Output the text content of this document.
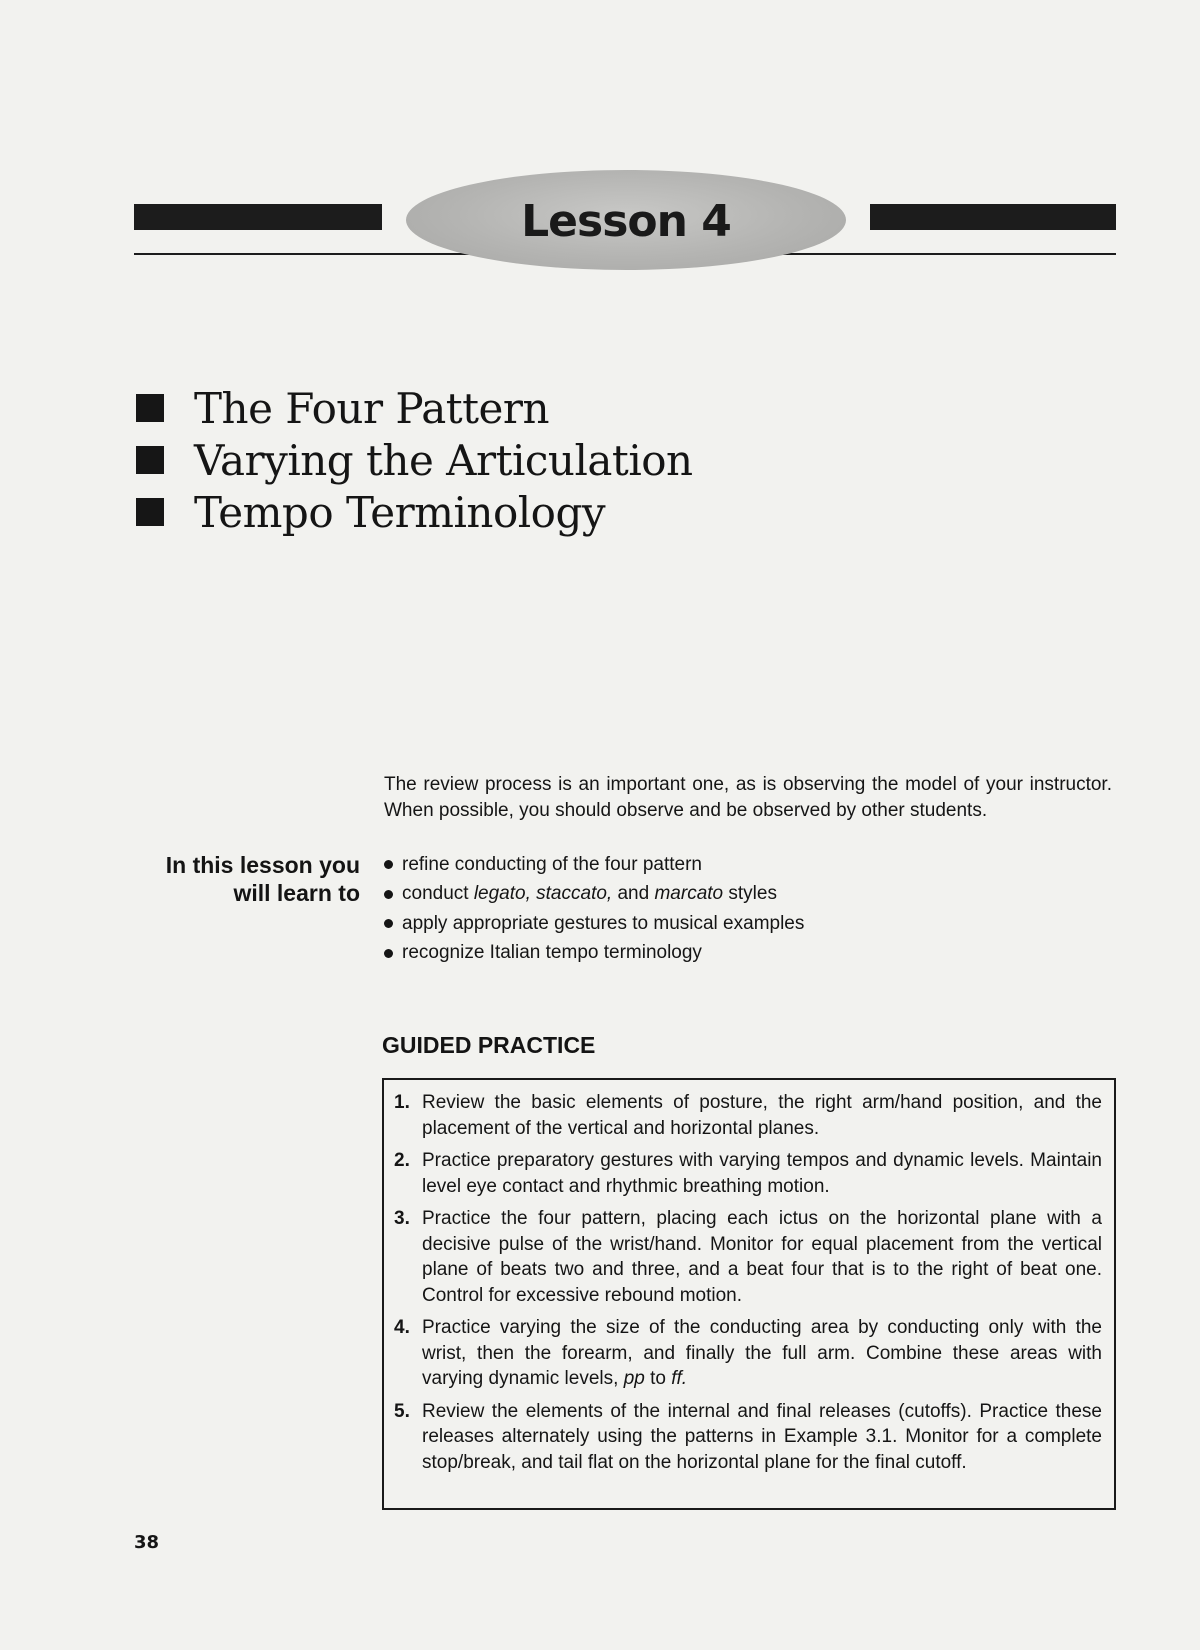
Lesson 4
The Four Pattern
Varying the Articulation
Tempo Terminology

The review process is an important one, as is observing the model of your instructor. When possible, you should observe and be observed by other students.

In this lesson you
will learn to
refine conducting of the four pattern
conduct legato, staccato, and marcato styles
apply appropriate gestures to musical examples
recognize Italian tempo terminology
GUIDED PRACTICE
1. Review the basic elements of posture, the right arm/hand position, and the placement of the vertical and horizontal planes.
2. Practice preparatory gestures with varying tempos and dynamic levels. Maintain level eye contact and rhythmic breathing motion.
3. Practice the four pattern, placing each ictus on the horizontal plane with a decisive pulse of the wrist/hand. Monitor for equal placement from the vertical plane of beats two and three, and a beat four that is to the right of beat one. Control for excessive rebound motion.
4. Practice varying the size of the conducting area by conducting only with the wrist, then the forearm, and finally the full arm. Combine these areas with varying dynamic levels, pp to ff.
5. Review the elements of the internal and final releases (cutoffs). Practice these releases alternately using the patterns in Example 3.1. Monitor for a complete stop/break, and tail flat on the horizontal plane for the final cutoff.
38
